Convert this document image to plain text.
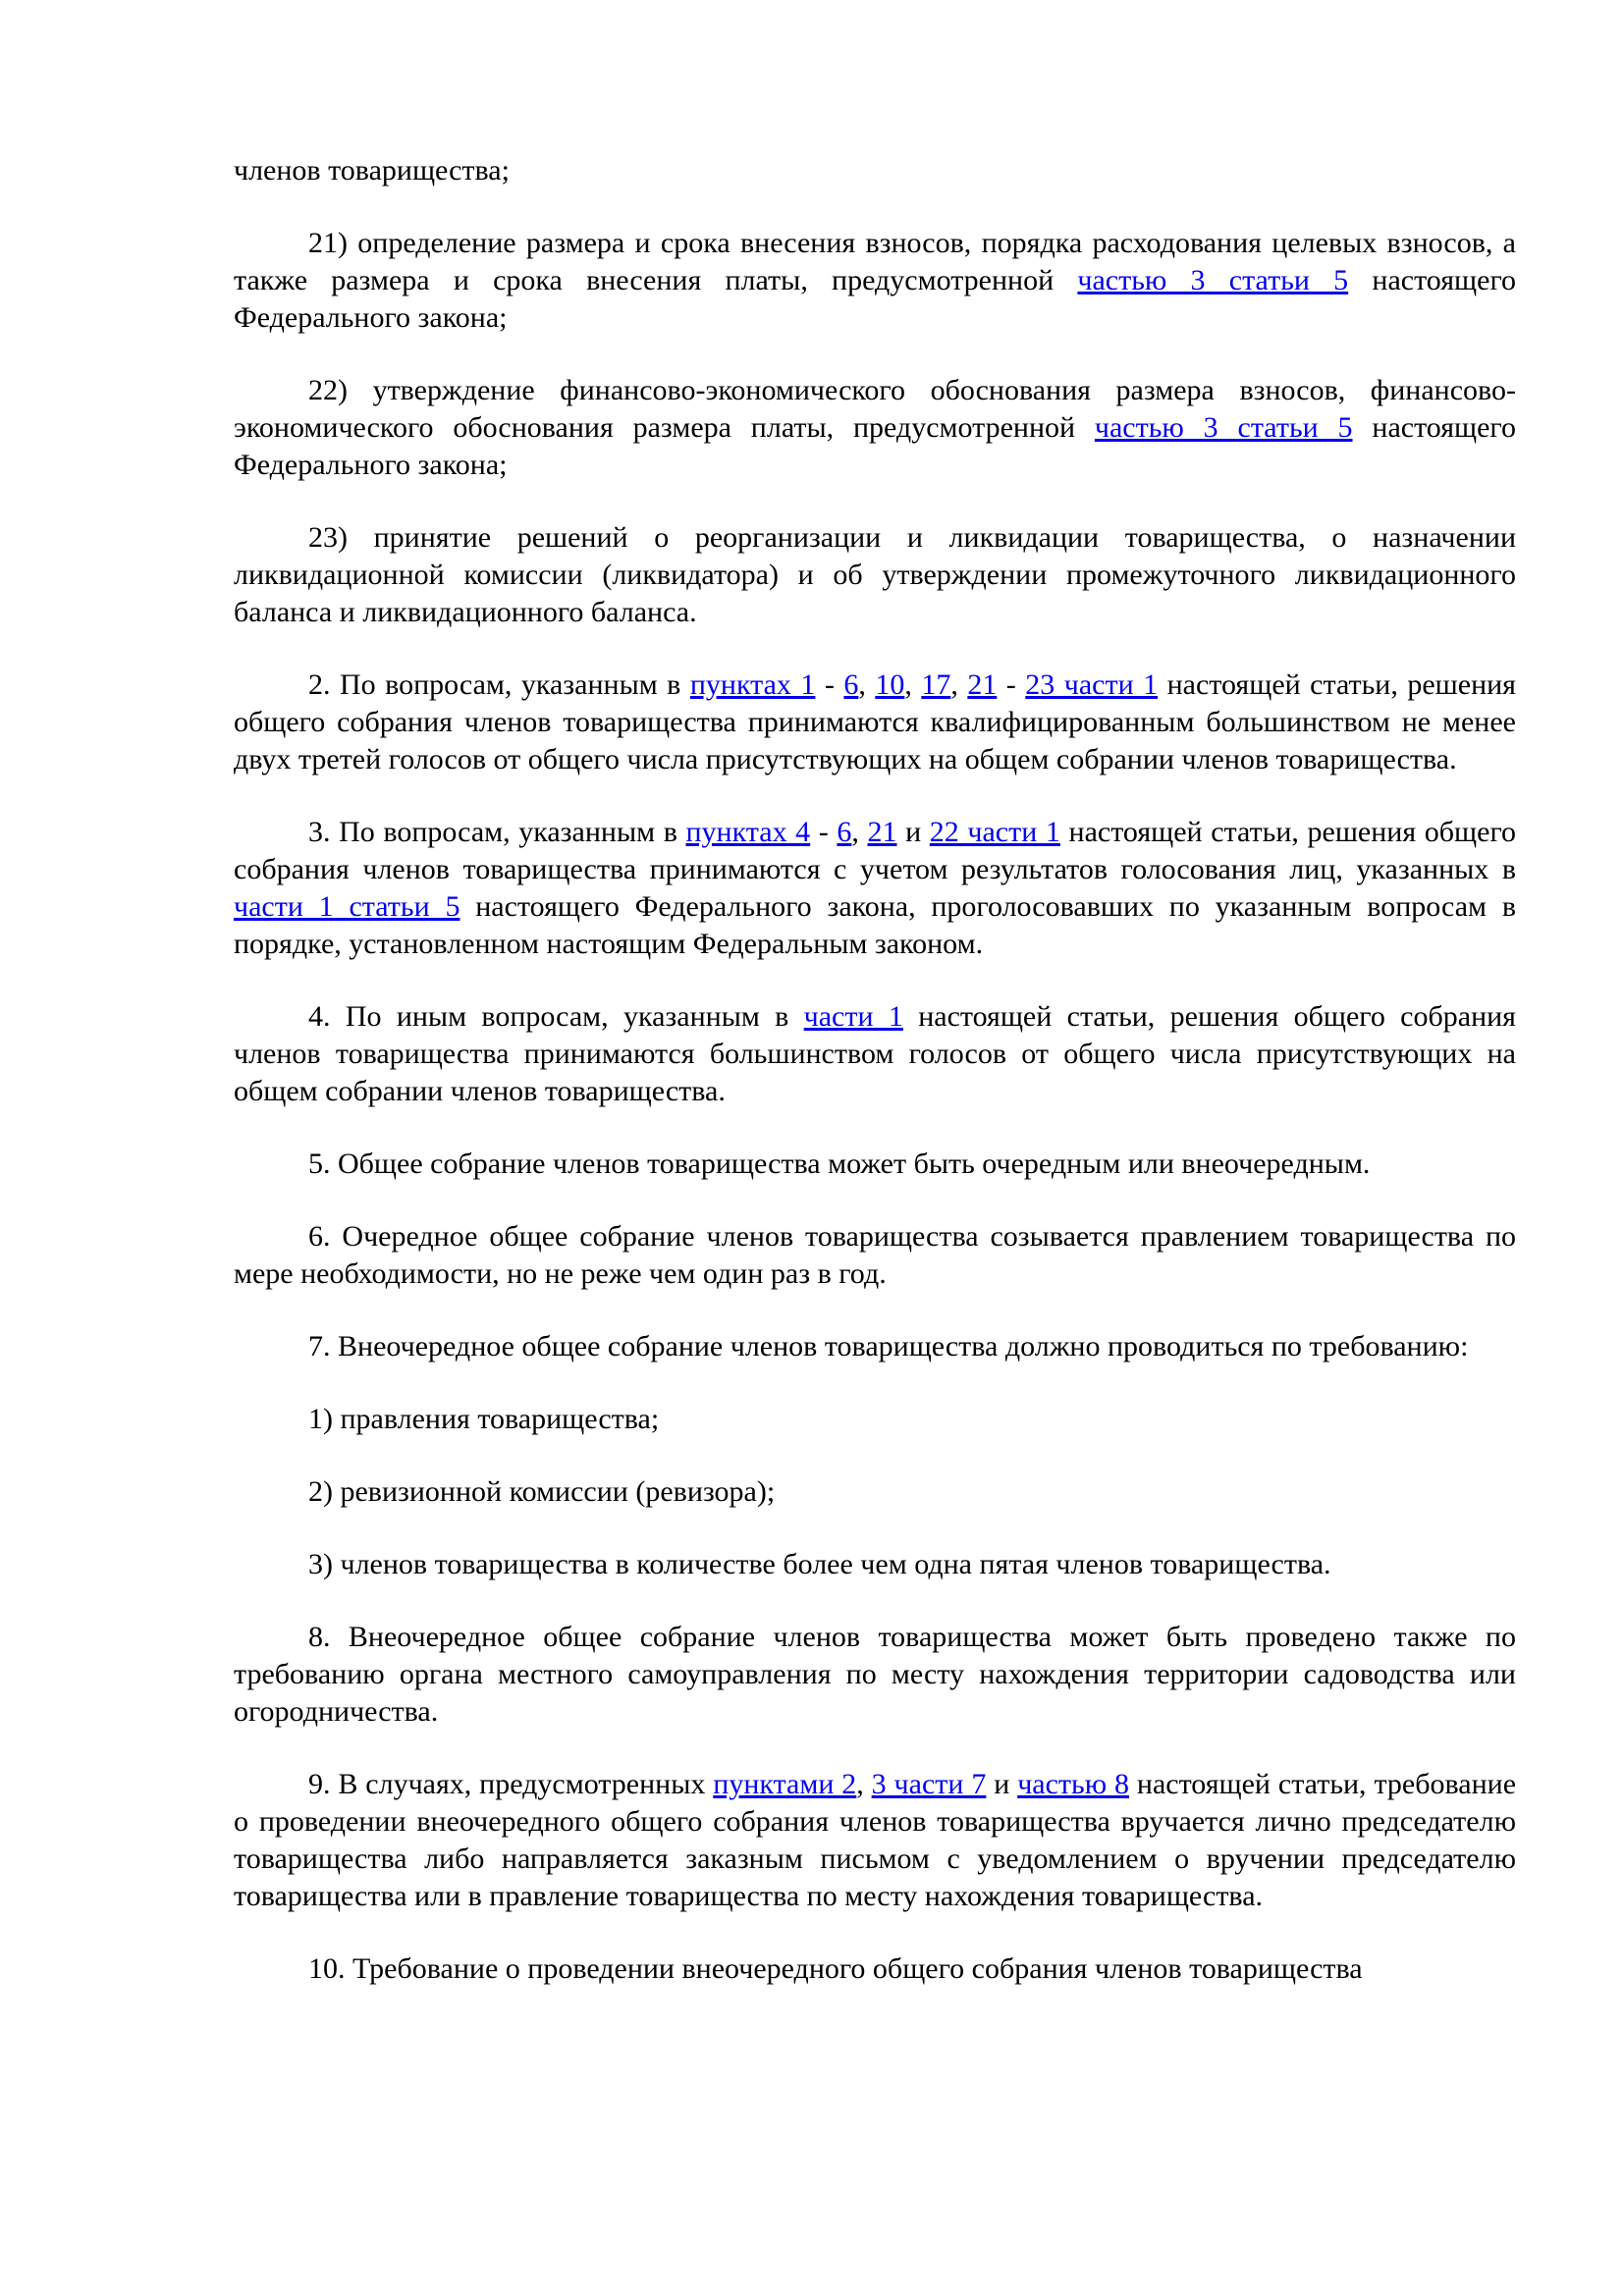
членов товарищества;

21) определение размера и срока внесения взносов, порядка расходования целевых взносов, а также размера и срока внесения платы, предусмотренной частью 3 статьи 5 настоящего Федерального закона;

22) утверждение финансово-экономического обоснования размера взносов, финансово-экономического обоснования размера платы, предусмотренной частью 3 статьи 5 настоящего Федерального закона;

23) принятие решений о реорганизации и ликвидации товарищества, о назначении ликвидационной комиссии (ликвидатора) и об утверждении промежуточного ликвидационного баланса и ликвидационного баланса.

2. По вопросам, указанным в пунктах 1 - 6, 10, 17, 21 - 23 части 1 настоящей статьи, решения общего собрания членов товарищества принимаются квалифицированным большинством не менее двух третей голосов от общего числа присутствующих на общем собрании членов товарищества.

3. По вопросам, указанным в пунктах 4 - 6, 21 и 22 части 1 настоящей статьи, решения общего собрания членов товарищества принимаются с учетом результатов голосования лиц, указанных в части 1 статьи 5 настоящего Федерального закона, проголосовавших по указанным вопросам в порядке, установленном настоящим Федеральным законом.

4. По иным вопросам, указанным в части 1 настоящей статьи, решения общего собрания членов товарищества принимаются большинством голосов от общего числа присутствующих на общем собрании членов товарищества.

5. Общее собрание членов товарищества может быть очередным или внеочередным.

6. Очередное общее собрание членов товарищества созывается правлением товарищества по мере необходимости, но не реже чем один раз в год.

7. Внеочередное общее собрание членов товарищества должно проводиться по требованию:

1) правления товарищества;

2) ревизионной комиссии (ревизора);

3) членов товарищества в количестве более чем одна пятая членов товарищества.

8. Внеочередное общее собрание членов товарищества может быть проведено также по требованию органа местного самоуправления по месту нахождения территории садоводства или огородничества.

9. В случаях, предусмотренных пунктами 2, 3 части 7 и частью 8 настоящей статьи, требование о проведении внеочередного общего собрания членов товарищества вручается лично председателю товарищества либо направляется заказным письмом с уведомлением о вручении председателю товарищества или в правление товарищества по месту нахождения товарищества.

10. Требование о проведении внеочередного общего собрания членов товарищества
